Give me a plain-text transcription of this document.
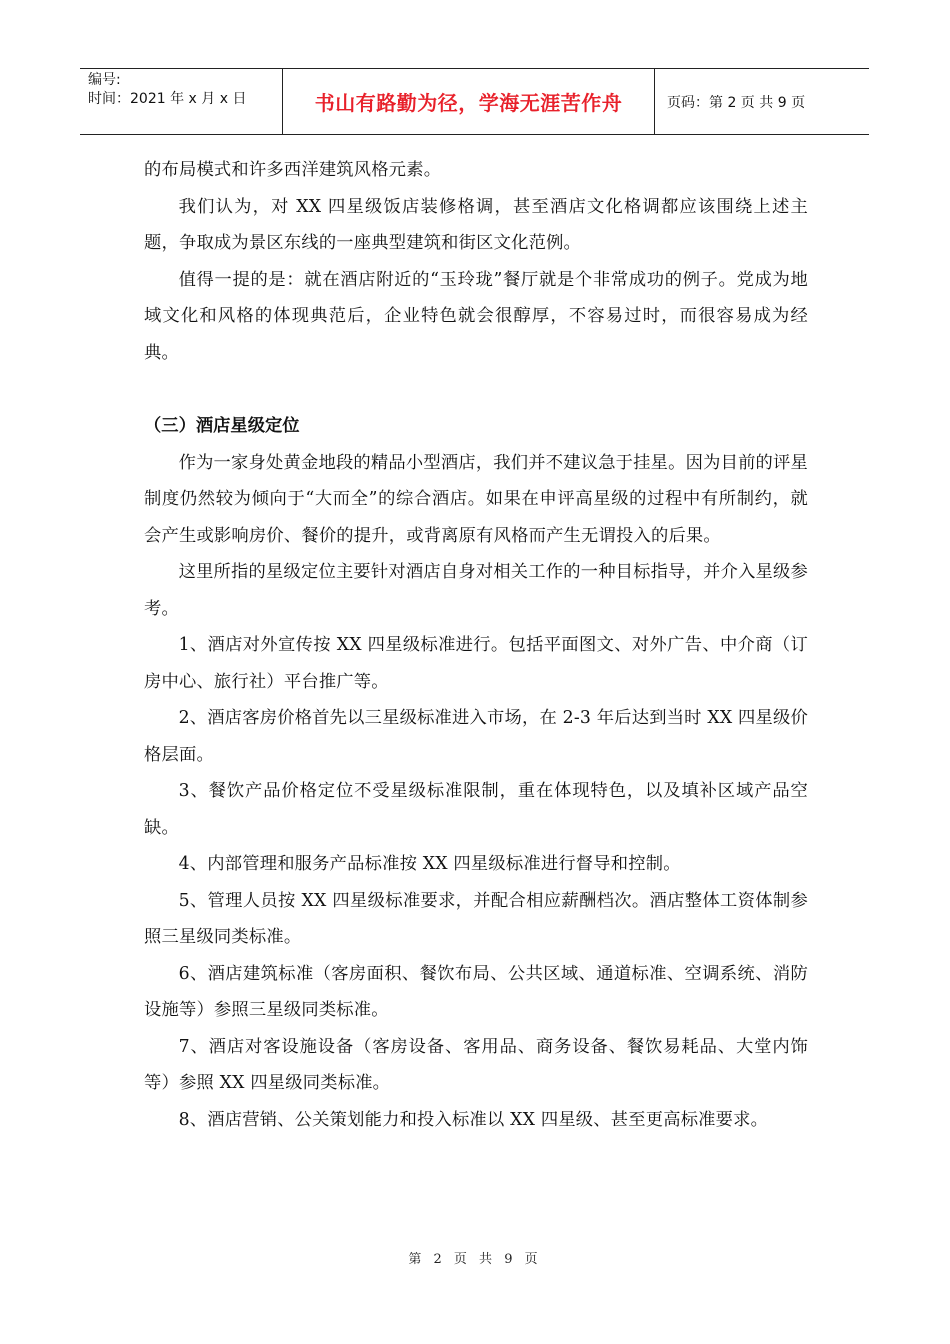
编号:
时间：2021 年 x 月 x 日	书山有路勤为径，学海无涯苦作舟	页码：第 2 页 共 9 页

的布局模式和许多西洋建筑风格元素。

我们认为，对 XX 四星级饭店装修格调，甚至酒店文化格调都应该围绕上述主题，争取成为景区东线的一座典型建筑和街区文化范例。

值得一提的是：就在酒店附近的“玉玲珑”餐厅就是个非常成功的例子。党成为地域文化和风格的体现典范后，企业特色就会很醇厚，不容易过时，而很容易成为经典。

（三）酒店星级定位

作为一家身处黄金地段的精品小型酒店，我们并不建议急于挂星。因为目前的评星制度仍然较为倾向于“大而全”的综合酒店。如果在申评高星级的过程中有所制约，就会产生或影响房价、餐价的提升，或背离原有风格而产生无谓投入的后果。

这里所指的星级定位主要针对酒店自身对相关工作的一种目标指导，并介入星级参考。

1、酒店对外宣传按 XX 四星级标准进行。包括平面图文、对外广告、中介商（订房中心、旅行社）平台推广等。

2、酒店客房价格首先以三星级标准进入市场，在 2-3 年后达到当时 XX 四星级价格层面。

3、餐饮产品价格定位不受星级标准限制，重在体现特色，以及填补区域产品空缺。

4、内部管理和服务产品标准按 XX 四星级标准进行督导和控制。

5、管理人员按 XX 四星级标准要求，并配合相应薪酬档次。酒店整体工资体制参照三星级同类标准。

6、酒店建筑标准（客房面积、餐饮布局、公共区域、通道标准、空调系统、消防设施等）参照三星级同类标准。

7、酒店对客设施设备（客房设备、客用品、商务设备、餐饮易耗品、大堂内饰等）参照 XX 四星级同类标准。

8、酒店营销、公关策划能力和投入标准以 XX 四星级、甚至更高标准要求。

第 2 页 共 9 页
